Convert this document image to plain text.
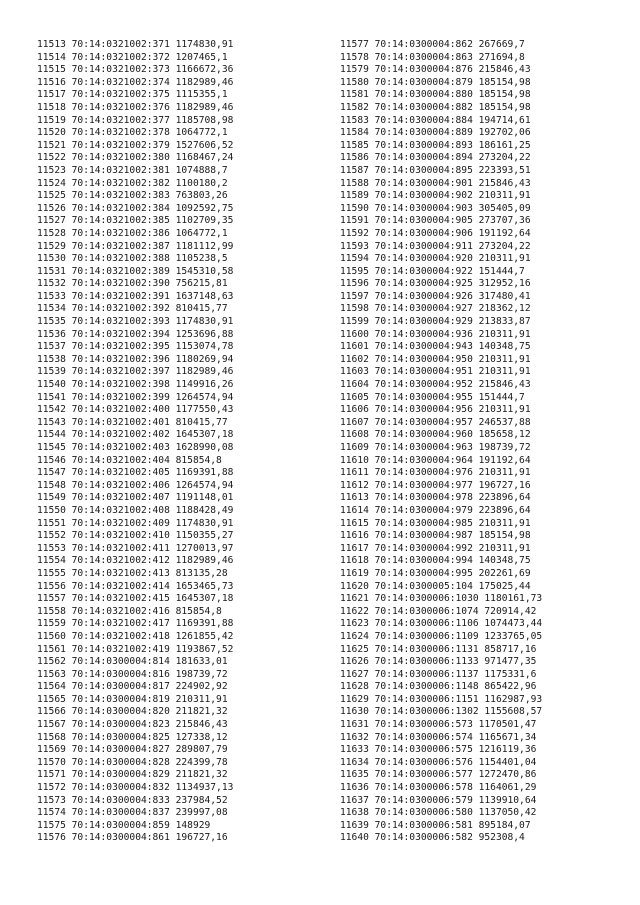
11513 70:14:0321002:371 1174830,91
11514 70:14:0321002:372 1207465,1
11515 70:14:0321002:373 1166672,36
11516 70:14:0321002:374 1182989,46
11517 70:14:0321002:375 1115355,1
11518 70:14:0321002:376 1182989,46
11519 70:14:0321002:377 1185708,98
11520 70:14:0321002:378 1064772,1
11521 70:14:0321002:379 1527606,52
11522 70:14:0321002:380 1168467,24
11523 70:14:0321002:381 1074888,7
11524 70:14:0321002:382 1100180,2
11525 70:14:0321002:383 763803,26
11526 70:14:0321002:384 1092592,75
11527 70:14:0321002:385 1102709,35
11528 70:14:0321002:386 1064772,1
11529 70:14:0321002:387 1181112,99
11530 70:14:0321002:388 1105238,5
11531 70:14:0321002:389 1545310,58
11532 70:14:0321002:390 756215,81
11533 70:14:0321002:391 1637148,63
11534 70:14:0321002:392 810415,77
11535 70:14:0321002:393 1174830,91
11536 70:14:0321002:394 1253696,88
11537 70:14:0321002:395 1153074,78
11538 70:14:0321002:396 1180269,94
11539 70:14:0321002:397 1182989,46
11540 70:14:0321002:398 1149916,26
11541 70:14:0321002:399 1264574,94
11542 70:14:0321002:400 1177550,43
11543 70:14:0321002:401 810415,77
11544 70:14:0321002:402 1645307,18
11545 70:14:0321002:403 1628990,08
11546 70:14:0321002:404 815854,8
11547 70:14:0321002:405 1169391,88
11548 70:14:0321002:406 1264574,94
11549 70:14:0321002:407 1191148,01
11550 70:14:0321002:408 1188428,49
11551 70:14:0321002:409 1174830,91
11552 70:14:0321002:410 1150355,27
11553 70:14:0321002:411 1270013,97
11554 70:14:0321002:412 1182989,46
11555 70:14:0321002:413 813135,28
11556 70:14:0321002:414 1653465,73
11557 70:14:0321002:415 1645307,18
11558 70:14:0321002:416 815854,8
11559 70:14:0321002:417 1169391,88
11560 70:14:0321002:418 1261855,42
11561 70:14:0321002:419 1193867,52
11562 70:14:0300004:814 181633,01
11563 70:14:0300004:816 198739,72
11564 70:14:0300004:817 224902,92
11565 70:14:0300004:819 210311,91
11566 70:14:0300004:820 211821,32
11567 70:14:0300004:823 215846,43
11568 70:14:0300004:825 127338,12
11569 70:14:0300004:827 289807,79
11570 70:14:0300004:828 224399,78
11571 70:14:0300004:829 211821,32
11572 70:14:0300004:832 1134937,13
11573 70:14:0300004:833 237984,52
11574 70:14:0300004:837 239997,08
11575 70:14:0300004:859 148929
11576 70:14:0300004:861 196727,16
11577 70:14:0300004:862 267669,7
11578 70:14:0300004:863 271694,8
11579 70:14:0300004:876 215846,43
11580 70:14:0300004:879 185154,98
11581 70:14:0300004:880 185154,98
11582 70:14:0300004:882 185154,98
11583 70:14:0300004:884 194714,61
11584 70:14:0300004:889 192702,06
11585 70:14:0300004:893 186161,25
11586 70:14:0300004:894 273204,22
11587 70:14:0300004:895 223393,51
11588 70:14:0300004:901 215846,43
11589 70:14:0300004:902 210311,91
11590 70:14:0300004:903 305405,09
11591 70:14:0300004:905 273707,36
11592 70:14:0300004:906 191192,64
11593 70:14:0300004:911 273204,22
11594 70:14:0300004:920 210311,91
11595 70:14:0300004:922 151444,7
11596 70:14:0300004:925 312952,16
11597 70:14:0300004:926 317480,41
11598 70:14:0300004:927 218362,12
11599 70:14:0300004:929 213833,87
11600 70:14:0300004:936 210311,91
11601 70:14:0300004:943 140348,75
11602 70:14:0300004:950 210311,91
11603 70:14:0300004:951 210311,91
11604 70:14:0300004:952 215846,43
11605 70:14:0300004:955 151444,7
11606 70:14:0300004:956 210311,91
11607 70:14:0300004:957 246537,88
11608 70:14:0300004:960 185658,12
11609 70:14:0300004:963 198739,72
11610 70:14:0300004:964 191192,64
11611 70:14:0300004:976 210311,91
11612 70:14:0300004:977 196727,16
11613 70:14:0300004:978 223896,64
11614 70:14:0300004:979 223896,64
11615 70:14:0300004:985 210311,91
11616 70:14:0300004:987 185154,98
11617 70:14:0300004:992 210311,91
11618 70:14:0300004:994 140348,75
11619 70:14:0300004:995 202261,69
11620 70:14:0300005:104 175025,44
11621 70:14:0300006:1030 1180161,73
11622 70:14:0300006:1074 720914,42
11623 70:14:0300006:1106 1074473,44
11624 70:14:0300006:1109 1233765,05
11625 70:14:0300006:1131 858717,16
11626 70:14:0300006:1133 971477,35
11627 70:14:0300006:1137 1175331,6
11628 70:14:0300006:1148 865422,96
11629 70:14:0300006:1151 1162987,93
11630 70:14:0300006:1302 1155608,57
11631 70:14:0300006:573 1170501,47
11632 70:14:0300006:574 1165671,34
11633 70:14:0300006:575 1216119,36
11634 70:14:0300006:576 1154401,04
11635 70:14:0300006:577 1272470,86
11636 70:14:0300006:578 1164061,29
11637 70:14:0300006:579 1139910,64
11638 70:14:0300006:580 1137050,42
11639 70:14:0300006:581 895184,07
11640 70:14:0300006:582 952308,4
